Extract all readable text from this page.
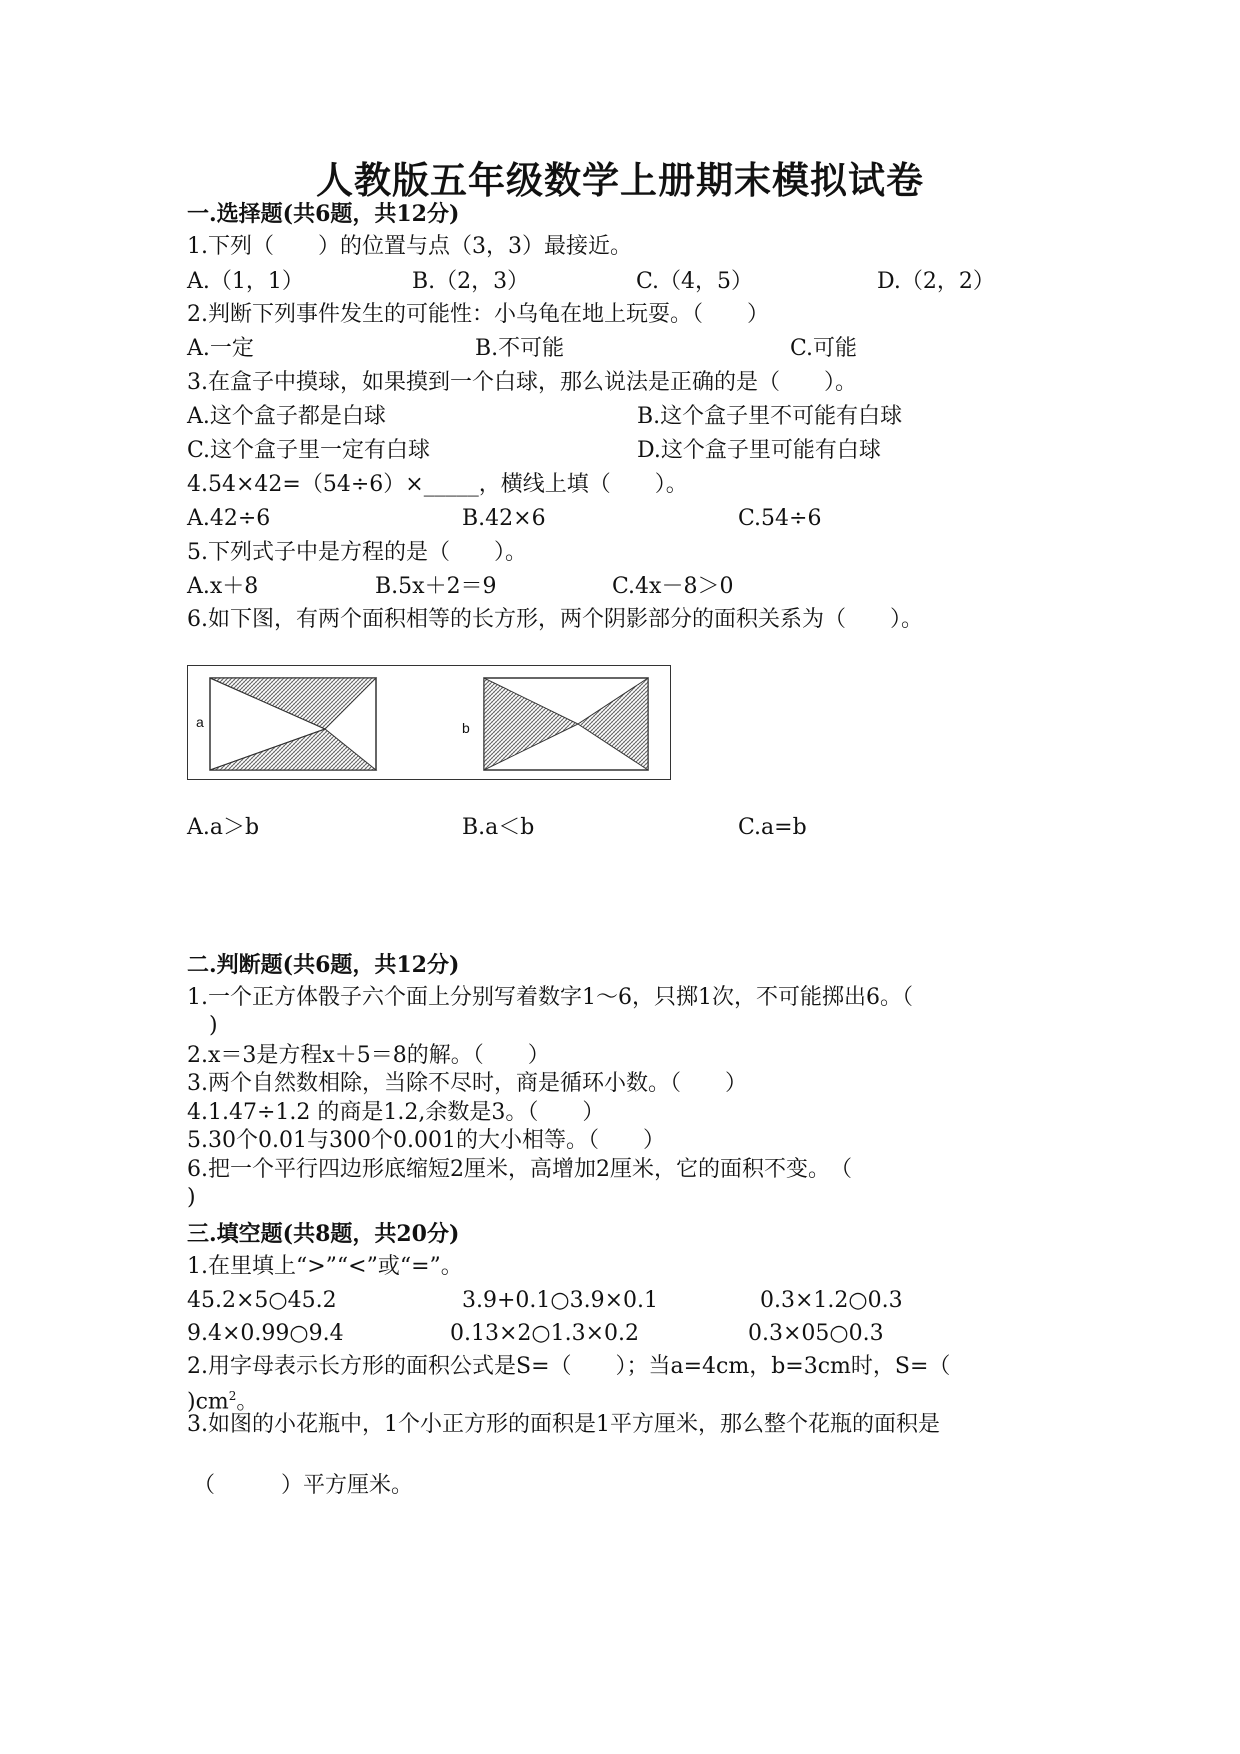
人教版五年级数学上册期末模拟试卷
一.选择题(共6题，共12分)
1.下列（　　）的位置与点（3，3）最接近。
A.（1，1）	B.（2，3）	C.（4，5）	D.（2，2）
2.判断下列事件发生的可能性：小乌龟在地上玩耍。（　　）
A.一定	B.不可能	C.可能
3.在盒子中摸球，如果摸到一个白球，那么说法是正确的是（　　）。
A.这个盒子都是白球	B.这个盒子里不可能有白球
C.这个盒子里一定有白球	D.这个盒子里可能有白球
4.54×42=（54÷6）×_____，横线上填（　　）。
A.42÷6	B.42×6	C.54÷6
5.下列式子中是方程的是（　　）。
A.x＋8	B.5x＋2＝9	C.4x－8＞0
6.如下图，有两个面积相等的长方形，两个阴影部分的面积关系为（　　）。
a	b
A.a＞b	B.a＜b	C.a=b
二.判断题(共6题，共12分)
1.一个正方体骰子六个面上分别写着数字1～6，只掷1次，不可能掷出6。（
　)
2.x＝3是方程x＋5＝8的解。（　　）
3.两个自然数相除，当除不尽时，商是循环小数。（　　）
4.1.47÷1.2 的商是1.2,余数是3。（　　）
5.30个0.01与300个0.001的大小相等。（　　）
6.把一个平行四边形底缩短2厘米，高增加2厘米，它的面积不变。　（
)
三.填空题(共8题，共20分)
1.在里填上“>”“<”或“=”。
45.2×5○45.2	3.9+0.1○3.9×0.1	0.3×1.2○0.3
9.4×0.99○9.4	0.13×2○1.3×0.2	0.3×05○0.3
2.用字母表示长方形的面积公式是S=（　　）；当a=4cm，b=3cm时，S=（
)$cm^2$。
3.如图的小花瓶中，1个小正方形的面积是1平方厘米，那么整个花瓶的面积是
（　　　）平方厘米。
